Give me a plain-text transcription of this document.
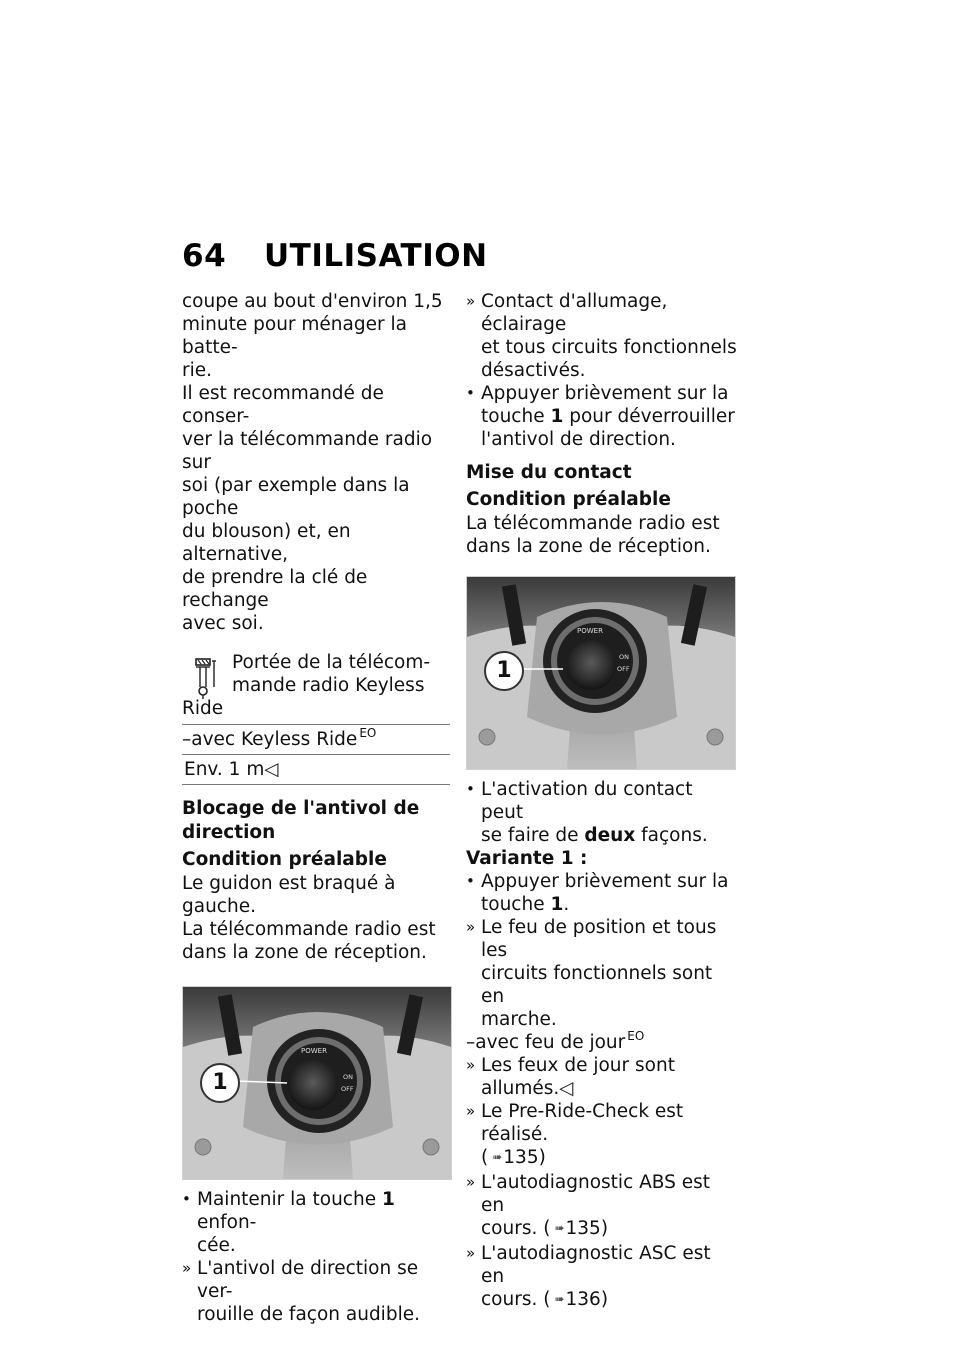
64 UTILISATION
coupe au bout d'environ 1,5
minute pour ménager la batte-
rie.
Il est recommandé de conser-
ver la télécommande radio sur
soi (par exemple dans la poche
du blouson) et, en alternative,
de prendre la clé de rechange
avec soi.
Portée de la télécom-
mande radio Keyless
Ride
–avec Keyless Ride $^{EO}$
Env. 1 m◁
Blocage de l'antivol de
direction
Condition préalable
Le guidon est braqué à gauche.
La télécommande radio est
dans la zone de réception.
POWER
ON
OFF
1
• Maintenir la touche 1 enfon-
cée.
» L'antivol de direction se ver-
rouille de façon audible.
» Contact d'allumage, éclairage
et tous circuits fonctionnels
désactivés.
• Appuyer brièvement sur la
touche 1 pour déverrouiller
l'antivol de direction.
Mise du contact
Condition préalable
La télécommande radio est
dans la zone de réception.
POWER
ON
OFF
1
• L'activation du contact peut
se faire de deux façons.
Variante 1 :
• Appuyer brièvement sur la
touche 1.
» Le feu de position et tous les
circuits fonctionnels sont en
marche.
–avec feu de jour $^{EO}$
» Les feux de jour sont
allumés.◁
» Le Pre-Ride-Check est réalisé.
( ➠ 135)
» L'autodiagnostic ABS est en
cours. ( ➠ 135)
» L'autodiagnostic ASC est en
cours. ( ➠ 136)
